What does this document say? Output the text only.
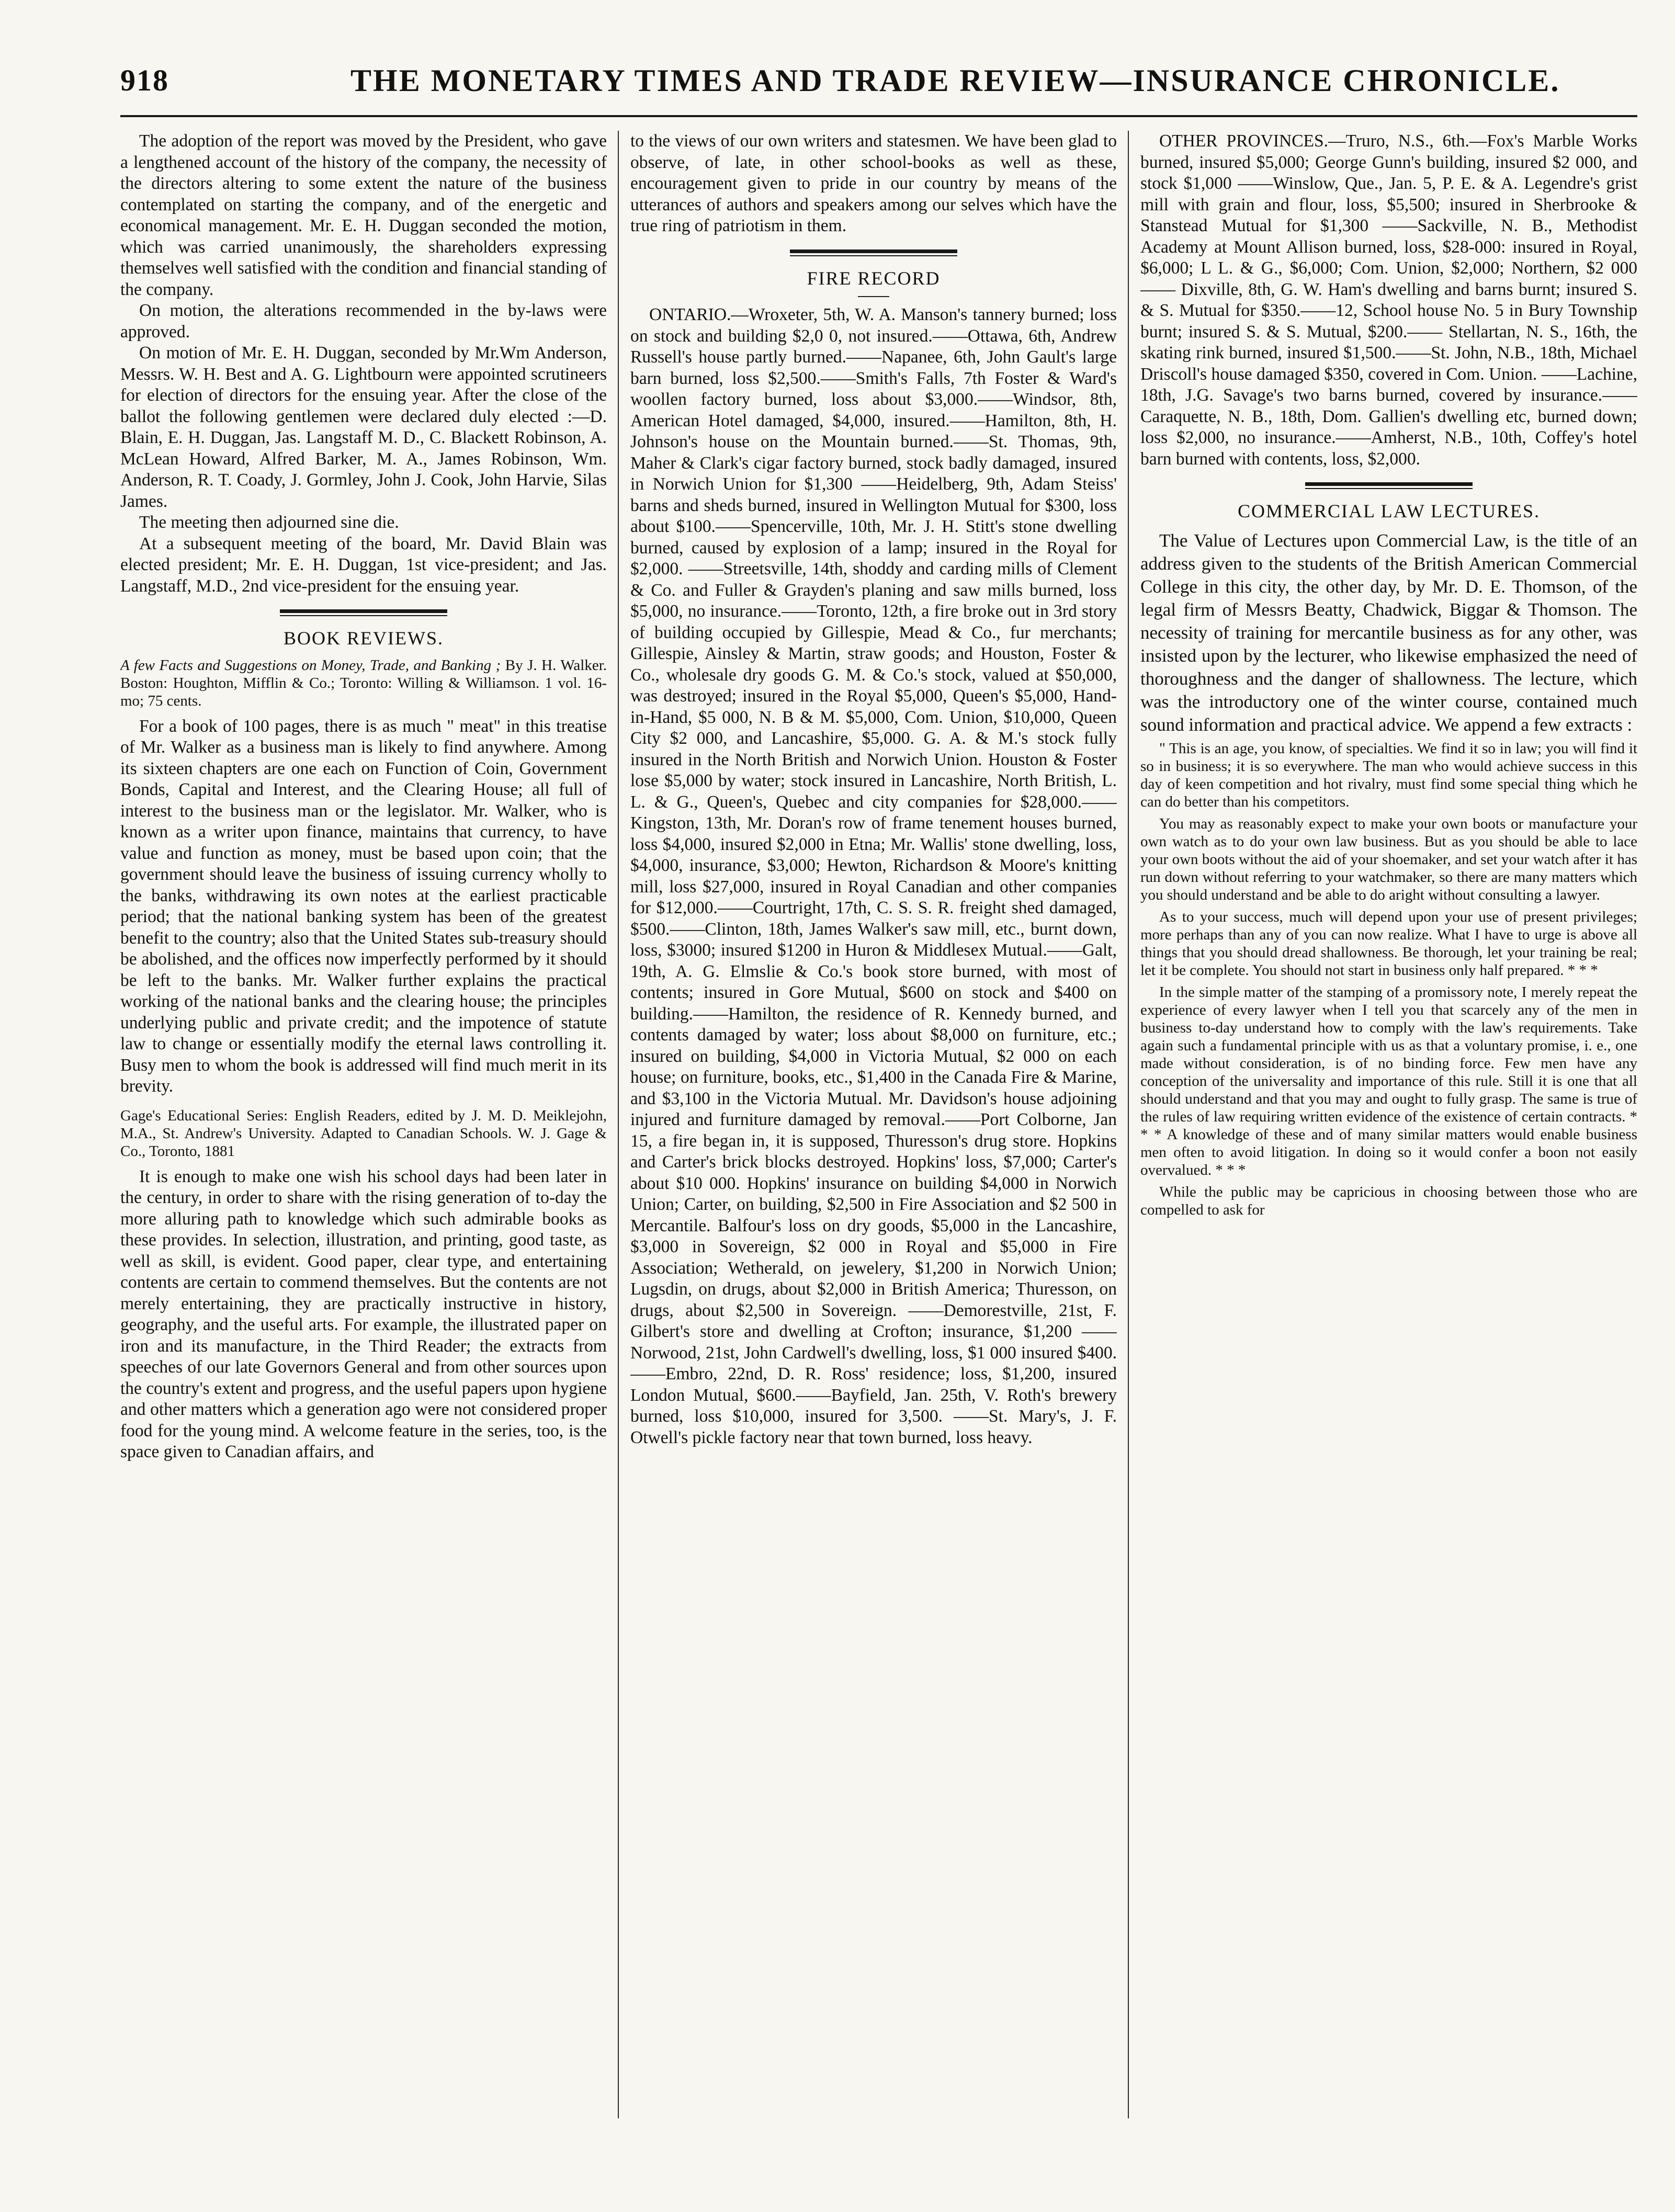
918	THE MONETARY TIMES AND TRADE REVIEW—INSURANCE CHRONICLE.

The adoption of the report was moved by the President, who gave a lengthened account of the history of the company, the necessity of the directors altering to some extent the nature of the business contemplated on starting the company, and of the energetic and economical management. Mr. E. H. Duggan seconded the motion, which was carried unanimously, the shareholders expressing themselves well satisfied with the condition and financial standing of the company.

On motion, the alterations recommended in the by-laws were approved.

On motion of Mr. E. H. Duggan, seconded by Mr.Wm Anderson, Messrs. W. H. Best and A. G. Lightbourn were appointed scrutineers for election of directors for the ensuing year. After the close of the ballot the following gentlemen were declared duly elected :—D. Blain, E. H. Duggan, Jas. Langstaff M. D., C. Blackett Robinson, A. McLean Howard, Alfred Barker, M. A., James Robinson, Wm. Anderson, R. T. Coady, J. Gormley, John J. Cook, John Harvie, Silas James.

The meeting then adjourned sine die.

At a subsequent meeting of the board, Mr. David Blain was elected president; Mr. E. H. Duggan, 1st vice-president; and Jas. Langstaff, M.D., 2nd vice-president for the ensuing year.

BOOK REVIEWS.

A few Facts and Suggestions on Money, Trade, and Banking ; By J. H. Walker. Boston: Houghton, Mifflin & Co.; Toronto: Willing & Williamson. 1 vol. 16-mo; 75 cents.

For a book of 100 pages, there is as much " meat" in this treatise of Mr. Walker as a business man is likely to find anywhere. Among its sixteen chapters are one each on Function of Coin, Government Bonds, Capital and Interest, and the Clearing House; all full of interest to the business man or the legislator. Mr. Walker, who is known as a writer upon finance, maintains that currency, to have value and function as money, must be based upon coin; that the government should leave the business of issuing currency wholly to the banks, withdrawing its own notes at the earliest practicable period; that the national banking system has been of the greatest benefit to the country; also that the United States sub-treasury should be abolished, and the offices now imperfectly performed by it should be left to the banks. Mr. Walker further explains the practical working of the national banks and the clearing house; the principles underlying public and private credit; and the impotence of statute law to change or essentially modify the eternal laws controlling it. Busy men to whom the book is addressed will find much merit in its brevity.

Gage's Educational Series: English Readers, edited by J. M. D. Meiklejohn, M.A., St. Andrew's University. Adapted to Canadian Schools. W. J. Gage & Co., Toronto, 1881

It is enough to make one wish his school days had been later in the century, in order to share with the rising generation of to-day the more alluring path to knowledge which such admirable books as these provides. In selection, illustration, and printing, good taste, as well as skill, is evident. Good paper, clear type, and entertaining contents are certain to commend themselves. But the contents are not merely entertaining, they are practically instructive in history, geography, and the useful arts. For example, the illustrated paper on iron and its manufacture, in the Third Reader; the extracts from speeches of our late Governors General and from other sources upon the country's extent and progress, and the useful papers upon hygiene and other matters which a generation ago were not considered proper food for the young mind. A welcome feature in the series, too, is the space given to Canadian affairs, and

to the views of our own writers and statesmen. We have been glad to observe, of late, in other school-books as well as these, encouragement given to pride in our country by means of the utterances of authors and speakers among our selves which have the true ring of patriotism in them.

FIRE RECORD

ONTARIO.—Wroxeter, 5th, W. A. Manson's tannery burned; loss on stock and building $2,0 0, not insured.——Ottawa, 6th, Andrew Russell's house partly burned.——Napanee, 6th, John Gault's large barn burned, loss $2,500.——Smith's Falls, 7th Foster & Ward's woollen factory burned, loss about $3,000.——Windsor, 8th, American Hotel damaged, $4,000, insured.——Hamilton, 8th, H. Johnson's house on the Mountain burned.——St. Thomas, 9th, Maher & Clark's cigar factory burned, stock badly damaged, insured in Norwich Union for $1,300 ——Heidelberg, 9th, Adam Steiss' barns and sheds burned, insured in Wellington Mutual for $300, loss about $100.——Spencerville, 10th, Mr. J. H. Stitt's stone dwelling burned, caused by explosion of a lamp; insured in the Royal for $2,000. ——Streetsville, 14th, shoddy and carding mills of Clement & Co. and Fuller & Grayden's planing and saw mills burned, loss $5,000, no insurance.——Toronto, 12th, a fire broke out in 3rd story of building occupied by Gillespie, Mead & Co., fur merchants; Gillespie, Ainsley & Martin, straw goods; and Houston, Foster & Co., wholesale dry goods G. M. & Co.'s stock, valued at $50,000, was destroyed; insured in the Royal $5,000, Queen's $5,000, Hand-in-Hand, $5 000, N. B & M. $5,000, Com. Union, $10,000, Queen City $2 000, and Lancashire, $5,000. G. A. & M.'s stock fully insured in the North British and Norwich Union. Houston & Foster lose $5,000 by water; stock insured in Lancashire, North British, L. L. & G., Queen's, Quebec and city companies for $28,000.——Kingston, 13th, Mr. Doran's row of frame tenement houses burned, loss $4,000, insured $2,000 in Etna; Mr. Wallis' stone dwelling, loss, $4,000, insurance, $3,000; Hewton, Richardson & Moore's knitting mill, loss $27,000, insured in Royal Canadian and other companies for $12,000.——Courtright, 17th, C. S. S. R. freight shed damaged, $500.——Clinton, 18th, James Walker's saw mill, etc., burnt down, loss, $3000; insured $1200 in Huron & Middlesex Mutual.——Galt, 19th, A. G. Elmslie & Co.'s book store burned, with most of contents; insured in Gore Mutual, $600 on stock and $400 on building.——Hamilton, the residence of R. Kennedy burned, and contents damaged by water; loss about $8,000 on furniture, etc.; insured on building, $4,000 in Victoria Mutual, $2 000 on each house; on furniture, books, etc., $1,400 in the Canada Fire & Marine, and $3,100 in the Victoria Mutual. Mr. Davidson's house adjoining injured and furniture damaged by removal.——Port Colborne, Jan 15, a fire began in, it is supposed, Thuresson's drug store. Hopkins and Carter's brick blocks destroyed. Hopkins' loss, $7,000; Carter's about $10 000. Hopkins' insurance on building $4,000 in Norwich Union; Carter, on building, $2,500 in Fire Association and $2 500 in Mercantile. Balfour's loss on dry goods, $5,000 in the Lancashire, $3,000 in Sovereign, $2 000 in Royal and $5,000 in Fire Association; Wetherald, on jewelery, $1,200 in Norwich Union; Lugsdin, on drugs, about $2,000 in British America; Thuresson, on drugs, about $2,500 in Sovereign. ——Demorestville, 21st, F. Gilbert's store and dwelling at Crofton; insurance, $1,200 ——Norwood, 21st, John Cardwell's dwelling, loss, $1 000 insured $400.——Embro, 22nd, D. R. Ross' residence; loss, $1,200, insured London Mutual, $600.——Bayfield, Jan. 25th, V. Roth's brewery burned, loss $10,000, insured for 3,500. ——St. Mary's, J. F. Otwell's pickle factory near that town burned, loss heavy.

OTHER PROVINCES.—Truro, N.S., 6th.—Fox's Marble Works burned, insured $5,000; George Gunn's building, insured $2 000, and stock $1,000 ——Winslow, Que., Jan. 5, P. E. & A. Legendre's grist mill with grain and flour, loss, $5,500; insured in Sherbrooke & Stanstead Mutual for $1,300 ——Sackville, N. B., Methodist Academy at Mount Allison burned, loss, $28-000: insured in Royal, $6,000; L L. & G., $6,000; Com. Union, $2,000; Northern, $2 000 —— Dixville, 8th, G. W. Ham's dwelling and barns burnt; insured S. & S. Mutual for $350.——12, School house No. 5 in Bury Township burnt; insured S. & S. Mutual, $200.—— Stellartan, N. S., 16th, the skating rink burned, insured $1,500.——St. John, N.B., 18th, Michael Driscoll's house damaged $350, covered in Com. Union. ——Lachine, 18th, J.G. Savage's two barns burned, covered by insurance.——Caraquette, N. B., 18th, Dom. Gallien's dwelling etc, burned down; loss $2,000, no insurance.——Amherst, N.B., 10th, Coffey's hotel barn burned with contents, loss, $2,000.

COMMERCIAL LAW LECTURES.

The Value of Lectures upon Commercial Law, is the title of an address given to the students of the British American Commercial College in this city, the other day, by Mr. D. E. Thomson, of the legal firm of Messrs Beatty, Chadwick, Biggar & Thomson. The necessity of training for mercantile business as for any other, was insisted upon by the lecturer, who likewise emphasized the need of thoroughness and the danger of shallowness. The lecture, which was the introductory one of the winter course, contained much sound information and practical advice. We append a few extracts :

" This is an age, you know, of specialties. We find it so in law; you will find it so in business; it is so everywhere. The man who would achieve success in this day of keen competition and hot rivalry, must find some special thing which he can do better than his competitors.

You may as reasonably expect to make your own boots or manufacture your own watch as to do your own law business. But as you should be able to lace your own boots without the aid of your shoemaker, and set your watch after it has run down without referring to your watchmaker, so there are many matters which you should understand and be able to do aright without consulting a lawyer.

As to your success, much will depend upon your use of present privileges; more perhaps than any of you can now realize. What I have to urge is above all things that you should dread shallowness. Be thorough, let your training be real; let it be complete. You should not start in business only half prepared. * * *

In the simple matter of the stamping of a promissory note, I merely repeat the experience of every lawyer when I tell you that scarcely any of the men in business to-day understand how to comply with the law's requirements. Take again such a fundamental principle with us as that a voluntary promise, i. e., one made without consideration, is of no binding force. Few men have any conception of the universality and importance of this rule. Still it is one that all should understand and that you may and ought to fully grasp. The same is true of the rules of law requiring written evidence of the existence of certain contracts. * * * A knowledge of these and of many similar matters would enable business men often to avoid litigation. In doing so it would confer a boon not easily overvalued. * * *

While the public may be capricious in choosing between those who are compelled to ask for
